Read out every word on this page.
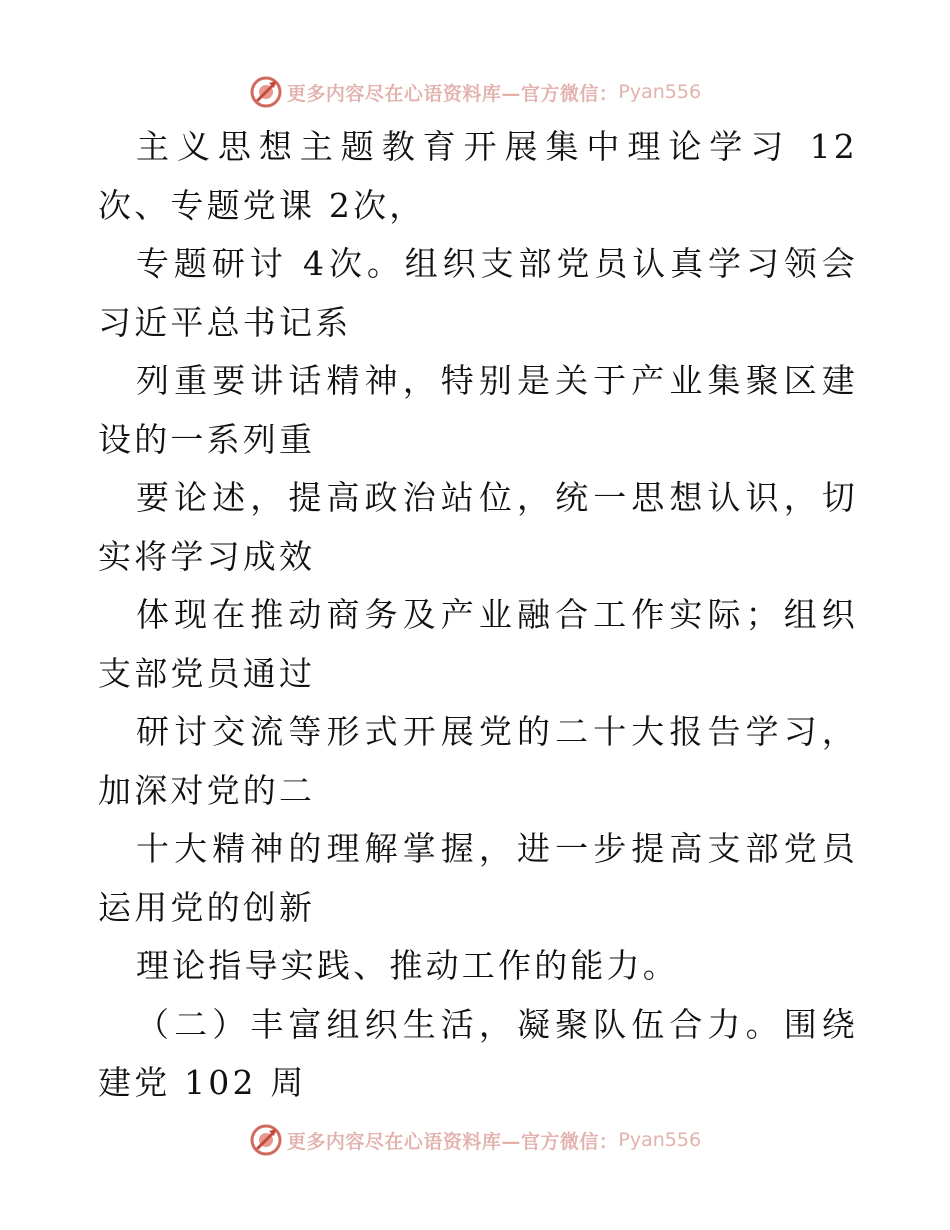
更多内容尽在心语资料库—官方微信： Pyan556

主义思想主题教育开展集中理论学习 12 次、专题党课 2次，

专题研讨 4次。组织支部党员认真学习领会习近平总书记系

列重要讲话精神，特别是关于产业集聚区建设的一系列重

要论述，提高政治站位，统一思想认识，切实将学习成效

体现在推动商务及产业融合工作实际；组织支部党员通过

研讨交流等形式开展党的二十大报告学习，加深对党的二

十大精神的理解掌握，进一步提高支部党员运用党的创新

理论指导实践、推动工作的能力。

（二）丰富组织生活，凝聚队伍合力。围绕建党 102 周

更多内容尽在心语资料库—官方微信： Pyan556
